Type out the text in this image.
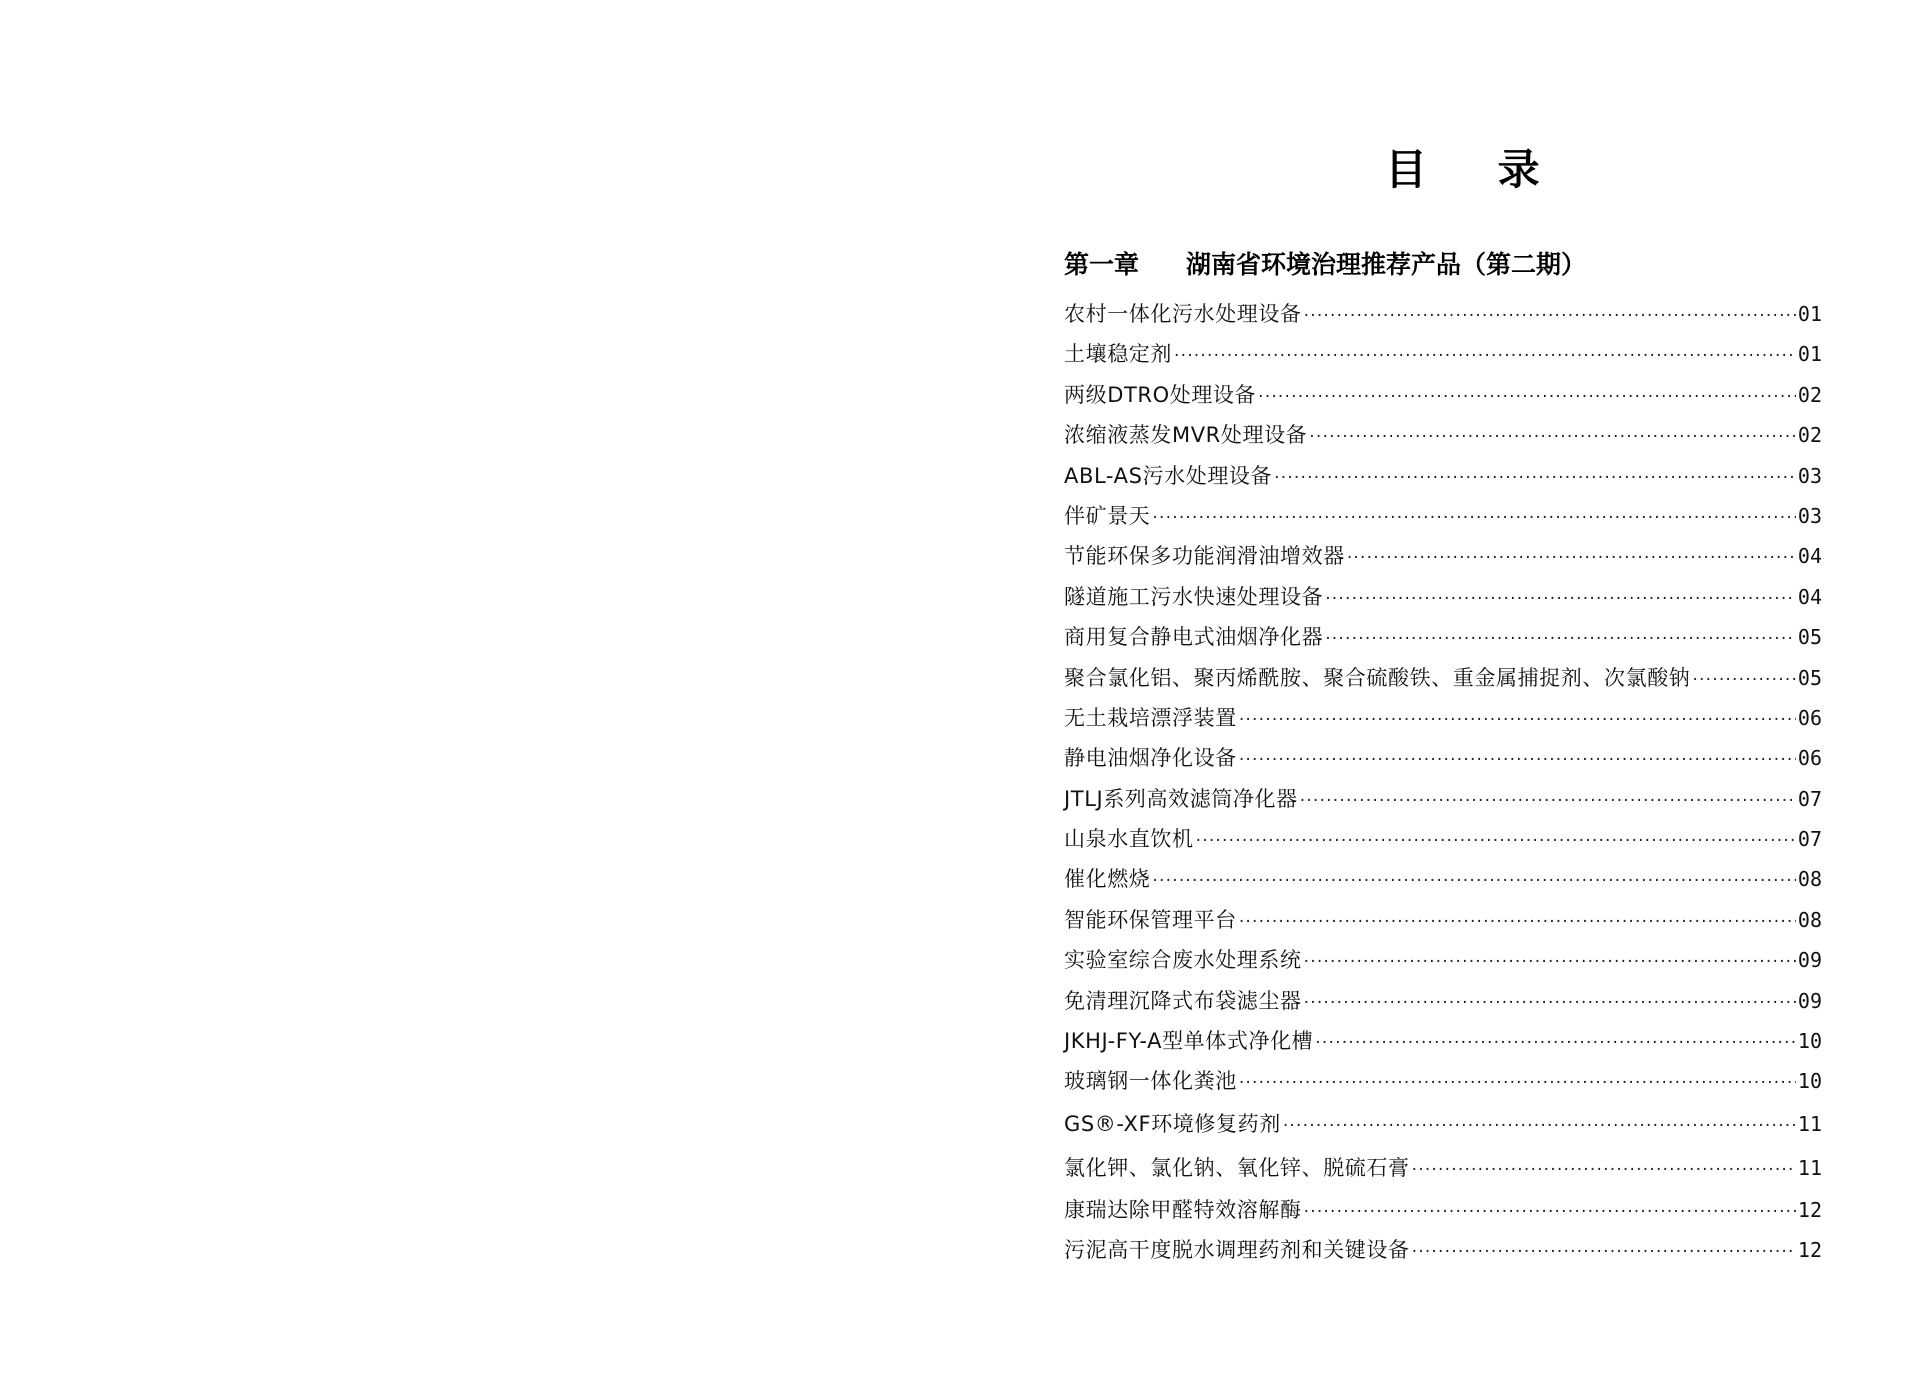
目 录
第一章	湖南省环境治理推荐产品（第二期）
农村一体化污水处理设备 ·····	01
土壤稳定剂 ·····	01
两级DTRO处理设备 ·····	02
浓缩液蒸发MVR处理设备 ·····	02
ABL-AS污水处理设备 ·····	03
伴矿景天 ·····	03
节能环保多功能润滑油增效器 ·····	04
隧道施工污水快速处理设备 ·····	04
商用复合静电式油烟净化器 ·····	05
聚合氯化铝、聚丙烯酰胺、聚合硫酸铁、重金属捕捉剂、次氯酸钠 ·····	05
无土栽培漂浮装置 ·····	06
静电油烟净化设备 ·····	06
JTLJ系列高效滤筒净化器 ·····	07
山泉水直饮机 ·····	07
催化燃烧 ·····	08
智能环保管理平台 ·····	08
实验室综合废水处理系统 ·····	09
免清理沉降式布袋滤尘器 ·····	09
JKHJ-FY-A型单体式净化槽 ·····	10
玻璃钢一体化粪池 ·····	10
GS®-XF环境修复药剂 ·····	11
氯化钾、氯化钠、氧化锌、脱硫石膏 ·····	11
康瑞达除甲醛特效溶解酶 ·····	12
污泥高干度脱水调理药剂和关键设备 ·····	12
